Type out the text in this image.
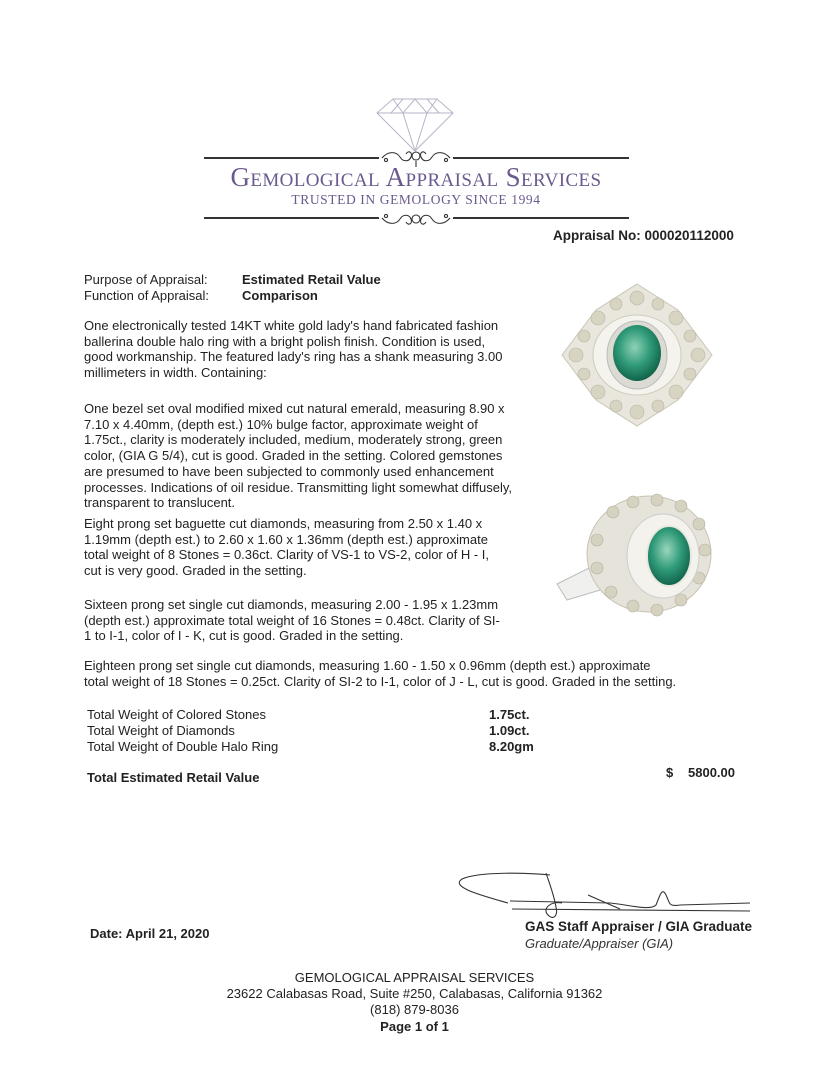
Gemological Appraisal Services
TRUSTED IN GEMOLOGY SINCE 1994
Appraisal No: 000020112000
Purpose of Appraisal:	Estimated Retail Value
Function of Appraisal:	Comparison
One electronically tested 14KT white gold lady's hand fabricated fashion ballerina double halo ring with a bright polish finish. Condition is used, good workmanship. The featured lady's ring has a shank measuring 3.00 millimeters in width. Containing:
One bezel set oval modified mixed cut natural emerald, measuring 8.90 x 7.10 x 4.40mm, (depth est.) 10% bulge factor, approximate weight of 1.75ct., clarity is moderately included, medium, moderately strong, green color, (GIA G 5/4), cut is good. Graded in the setting. Colored gemstones are presumed to have been subjected to commonly used enhancement processes. Indications of oil residue. Transmitting light somewhat diffusely, transparent to translucent.
Eight prong set baguette cut diamonds, measuring from 2.50 x 1.40 x 1.19mm (depth est.) to 2.60 x 1.60 x 1.36mm (depth est.) approximate total weight of 8 Stones = 0.36ct. Clarity of VS-1 to VS-2, color of H - I, cut is very good. Graded in the setting.
Sixteen prong set single cut diamonds, measuring 2.00 - 1.95 x 1.23mm (depth est.) approximate total weight of 16 Stones = 0.48ct. Clarity of SI-1 to I-1, color of I - K, cut is good. Graded in the setting.
Eighteen prong set single cut diamonds, measuring 1.60 - 1.50 x 0.96mm (depth est.) approximate
total weight of 18 Stones = 0.25ct. Clarity of SI-2 to I-1, color of J - L, cut is good. Graded in the setting.
Total Weight of Colored Stones	1.75ct.
Total Weight of Diamonds	1.09ct.
Total Weight of Double Halo Ring	8.20gm
Total Estimated Retail Value	$ 5800.00
Date: April 21, 2020	GAS Staff Appraiser / GIA Graduate
Graduate/Appraiser (GIA)
GEMOLOGICAL APPRAISAL SERVICES
23622 Calabasas Road, Suite #250, Calabasas, California 91362
(818) 879-8036
Page 1 of 1
